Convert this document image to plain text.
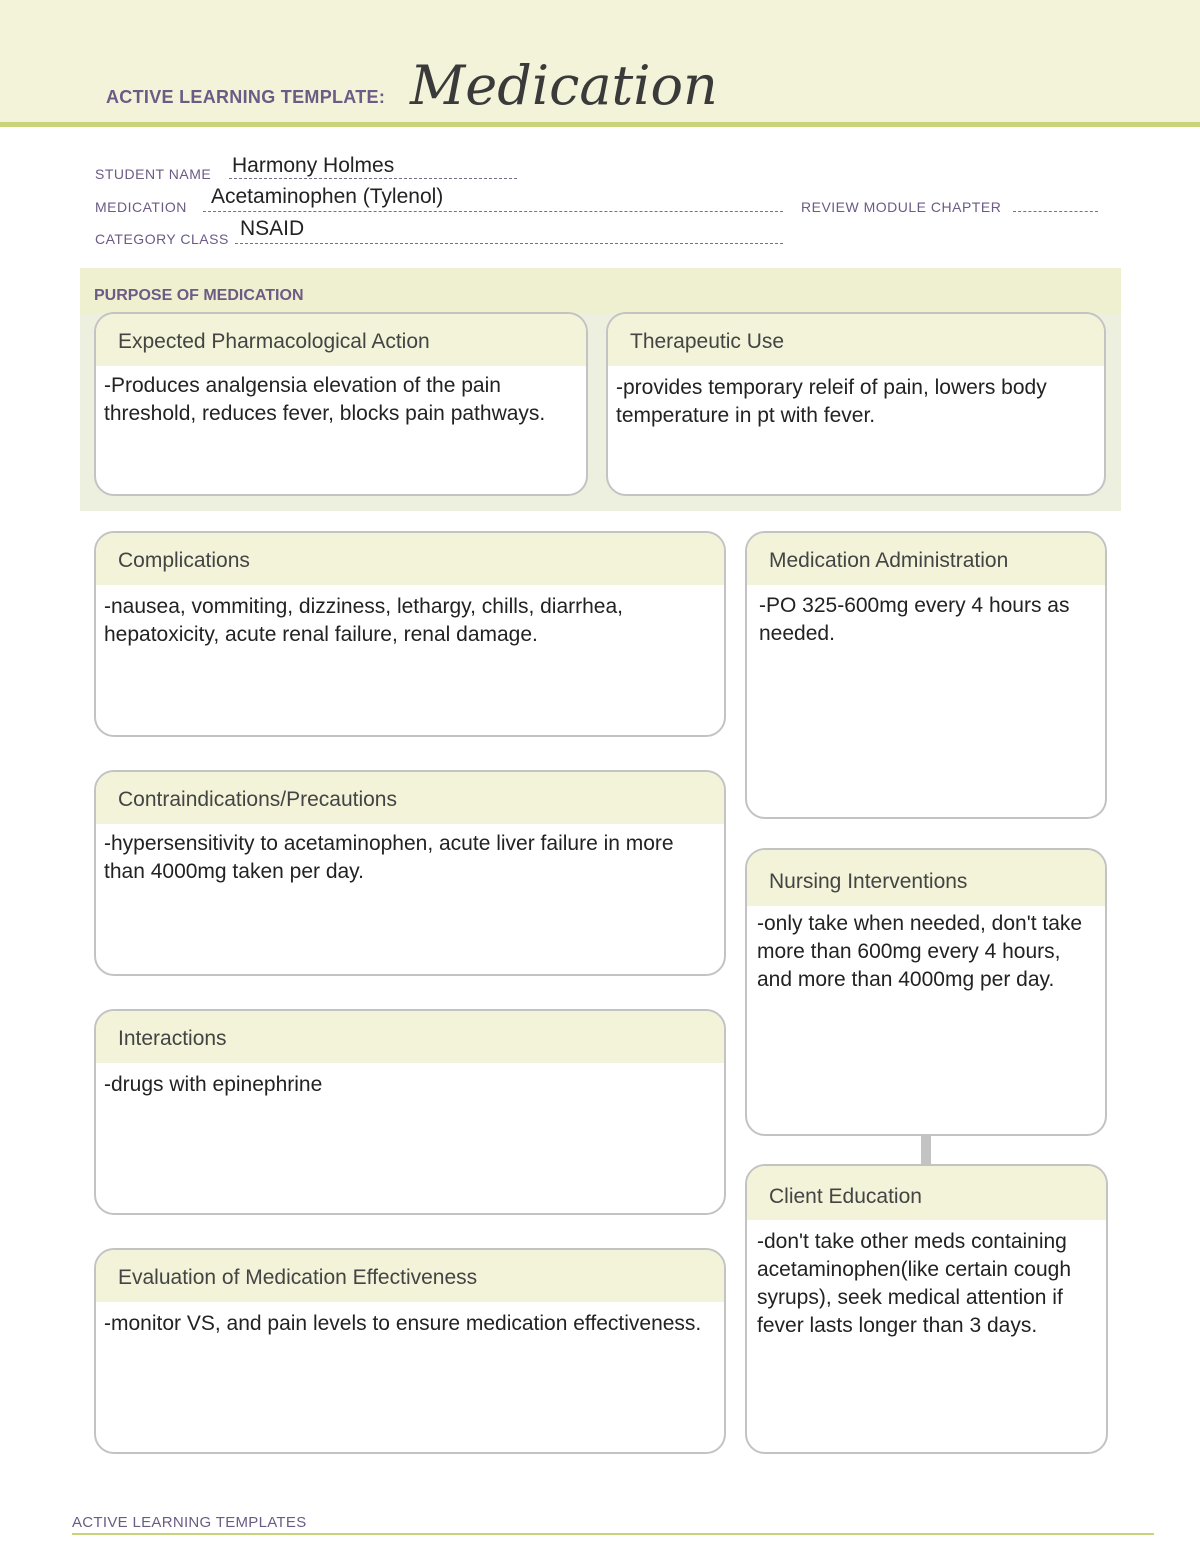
ACTIVE LEARNING TEMPLATE: Medication
STUDENT NAME Harmony Holmes
MEDICATION Acetaminophen (Tylenol)	REVIEW MODULE CHAPTER
CATEGORY CLASS NSAID
PURPOSE OF MEDICATION
Expected Pharmacological Action
-Produces analgensia elevation of the pain threshold, reduces fever, blocks pain pathways.
Therapeutic Use
-provides temporary releif of pain, lowers body temperature in pt with fever.
Complications
-nausea, vommiting, dizziness, lethargy, chills, diarrhea, hepatoxicity, acute renal failure, renal damage.
Contraindications/Precautions
-hypersensitivity to acetaminophen, acute liver failure in more than 4000mg taken per day.
Interactions
-drugs with epinephrine
Evaluation of Medication Effectiveness
-monitor VS, and pain levels to ensure medication effectiveness.
Medication Administration
-PO 325-600mg every 4 hours as needed.
Nursing Interventions
-only take when needed, don't take more than 600mg every 4 hours, and more than 4000mg per day.
Client Education
-don't take other meds containing acetaminophen(like certain cough syrups), seek medical attention if fever lasts longer than 3 days.
ACTIVE LEARNING TEMPLATES
